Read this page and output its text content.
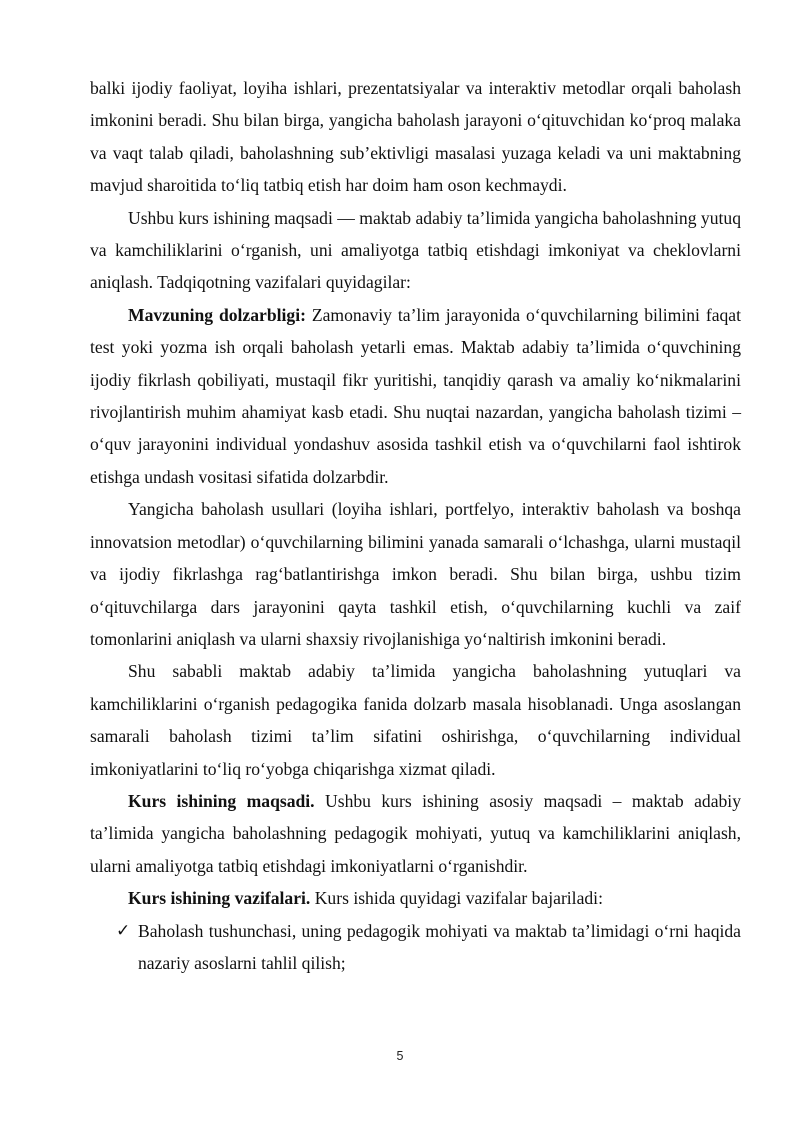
balki ijodiy faoliyat, loyiha ishlari, prezentatsiyalar va interaktiv metodlar orqali baholash imkonini beradi. Shu bilan birga, yangicha baholash jarayoni o‘qituvchidan ko‘proq malaka va vaqt talab qiladi, baholashning sub’ektivligi masalasi yuzaga keladi va uni maktabning mavjud sharoitida to‘liq tatbiq etish har doim ham oson kechmaydi.

Ushbu kurs ishining maqsadi — maktab adabiy ta’limida yangicha baholashning yutuq va kamchiliklarini o‘rganish, uni amaliyotga tatbiq etishdagi imkoniyat va cheklovlarni aniqlash. Tadqiqotning vazifalari quyidagilar:

Mavzuning dolzarbligi: Zamonaviy ta’lim jarayonida o‘quvchilarning bilimini faqat test yoki yozma ish orqali baholash yetarli emas. Maktab adabiy ta’limida o‘quvchining ijodiy fikrlash qobiliyati, mustaqil fikr yuritishi, tanqidiy qarash va amaliy ko‘nikmalarini rivojlantirish muhim ahamiyat kasb etadi. Shu nuqtai nazardan, yangicha baholash tizimi – o‘quv jarayonini individual yondashuv asosida tashkil etish va o‘quvchilarni faol ishtirok etishga undash vositasi sifatida dolzarbdir.

Yangicha baholash usullari (loyiha ishlari, portfelyo, interaktiv baholash va boshqa innovatsion metodlar) o‘quvchilarning bilimini yanada samarali o‘lchashga, ularni mustaqil va ijodiy fikrlashga rag‘batlantirishga imkon beradi. Shu bilan birga, ushbu tizim o‘qituvchilarga dars jarayonini qayta tashkil etish, o‘quvchilarning kuchli va zaif tomonlarini aniqlash va ularni shaxsiy rivojlanishiga yo‘naltirish imkonini beradi.

Shu sababli maktab adabiy ta’limida yangicha baholashning yutuqlari va kamchiliklarini o‘rganish pedagogika fanida dolzarb masala hisoblanadi. Unga asoslangan samarali baholash tizimi ta’lim sifatini oshirishga, o‘quvchilarning individual imkoniyatlarini to‘liq ro‘yobga chiqarishga xizmat qiladi.

Kurs ishining maqsadi. Ushbu kurs ishining asosiy maqsadi – maktab adabiy ta’limida yangicha baholashning pedagogik mohiyati, yutuq va kamchiliklarini aniqlash, ularni amaliyotga tatbiq etishdagi imkoniyatlarni o‘rganishdir.

Kurs ishining vazifalari. Kurs ishida quyidagi vazifalar bajariladi:

✓ Baholash tushunchasi, uning pedagogik mohiyati va maktab ta’limidagi o‘rni haqida nazariy asoslarni tahlil qilish;

5
